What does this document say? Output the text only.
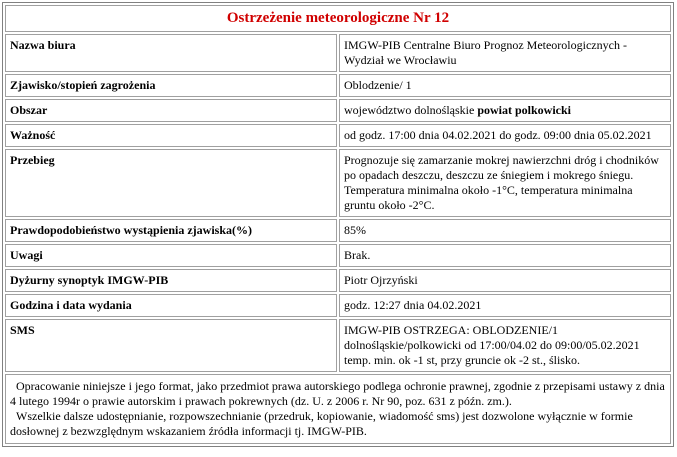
Ostrzeżenie meteorologiczne Nr 12	
Nazwa biura	IMGW-PIB Centralne Biuro Prognoz Meteorologicznych - Wydział we Wrocławiu
Zjawisko/stopień zagrożenia	Oblodzenie/ 1
Obszar	województwo dolnośląskie powiat polkowicki
Ważność	od godz. 17:00 dnia 04.02.2021 do godz. 09:00 dnia 05.02.2021
Przebieg	Prognozuje się zamarzanie mokrej nawierzchni dróg i chodników po opadach deszczu, deszczu ze śniegiem i mokrego śniegu. Temperatura minimalna około -1°C, temperatura minimalna gruntu około -2°C.
Prawdopodobieństwo wystąpienia zjawiska(%)	85%
Uwagi	Brak.
Dyżurny synoptyk IMGW-PIB	Piotr Ojrzyński
Godzina i data wydania	godz. 12:27 dnia 04.02.2021
SMS	IMGW-PIB OSTRZEGA: OBLODZENIE/1 dolnośląskie/polkowicki od 17:00/04.02 do 09:00/05.02.2021 temp. min. ok -1 st, przy gruncie ok -2 st., ślisko.
Opracowanie niniejsze i jego format, jako przedmiot prawa autorskiego podlega ochronie prawnej, zgodnie z przepisami ustawy z dnia 4 lutego 1994r o prawie autorskim i prawach pokrewnych (dz. U. z 2006 r. Nr 90, poz. 631 z późn. zm.).
Wszelkie dalsze udostępnianie, rozpowszechnianie (przedruk, kopiowanie, wiadomość sms) jest dozwolone wyłącznie w formie dosłownej z bezwzględnym wskazaniem źródła informacji tj. IMGW-PIB.	
